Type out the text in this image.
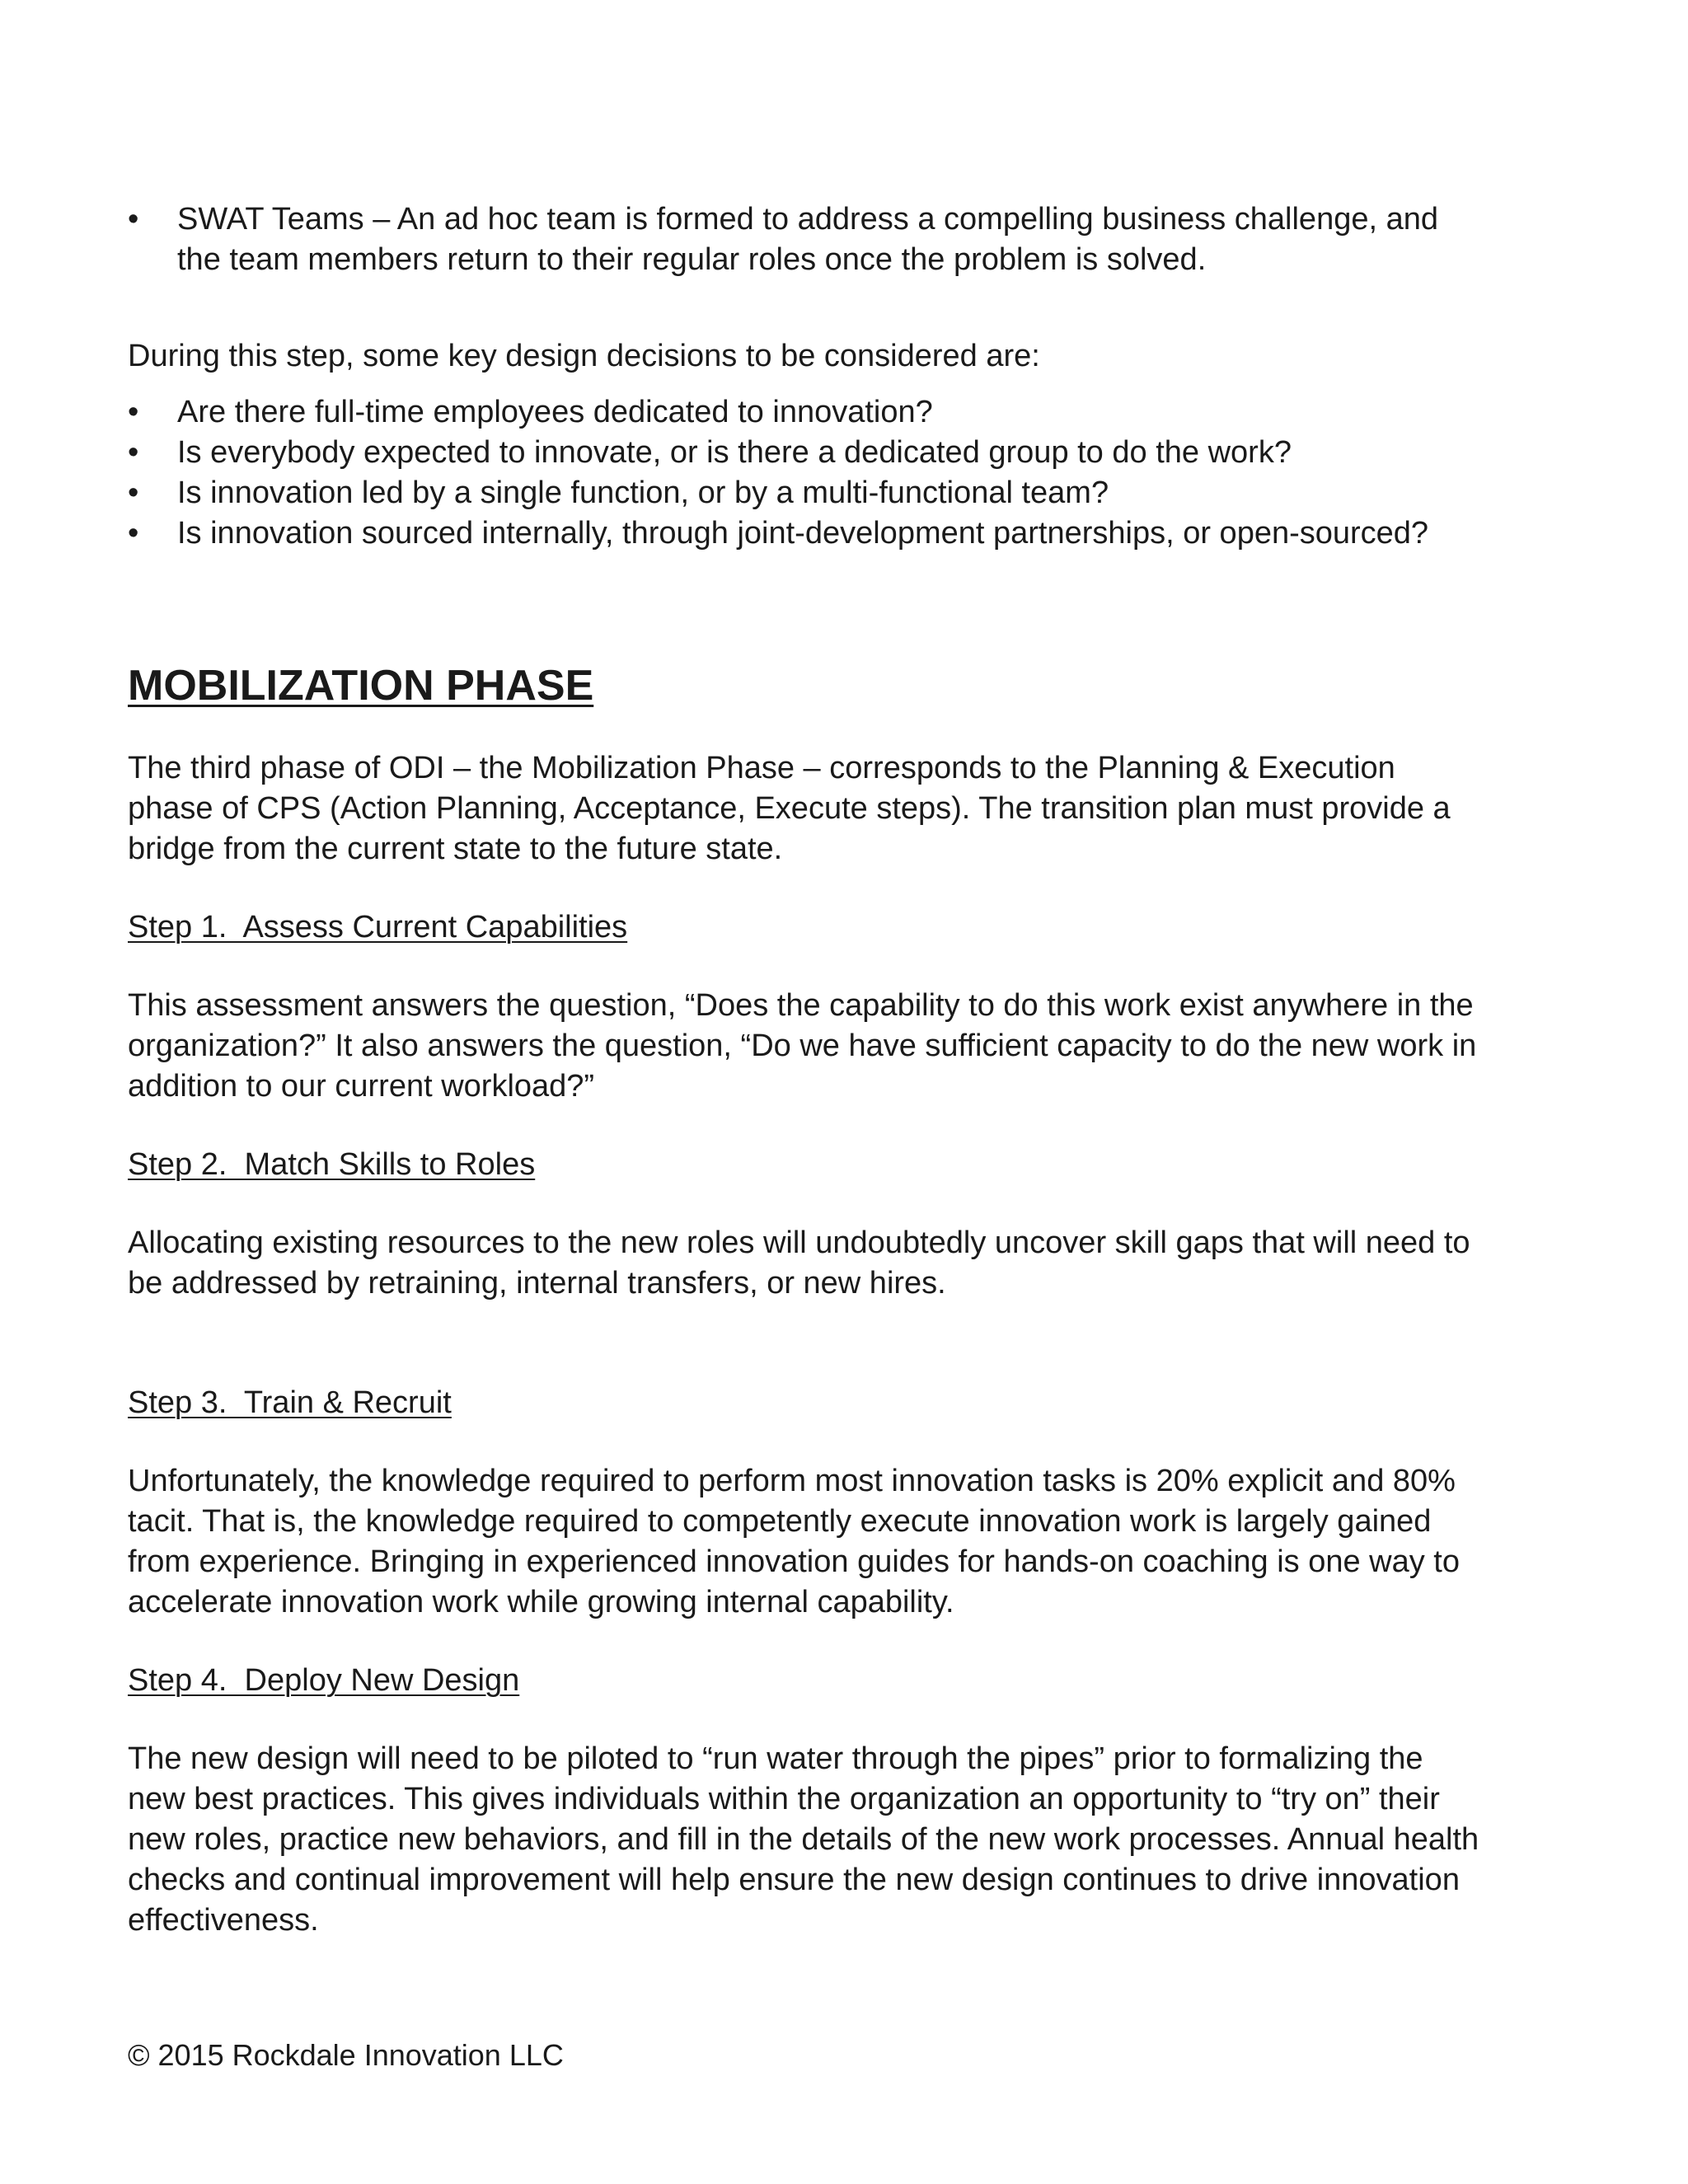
• SWAT Teams – An ad hoc team is formed to address a compelling business challenge, and
the team members return to their regular roles once the problem is solved.

During this step, some key design decisions to be considered are:

• Are there full-time employees dedicated to innovation?
• Is everybody expected to innovate, or is there a dedicated group to do the work?
• Is innovation led by a single function, or by a multi-functional team?
• Is innovation sourced internally, through joint-development partnerships, or open-sourced?
MOBILIZATION PHASE

The third phase of ODI – the Mobilization Phase – corresponds to the Planning & Execution
phase of CPS (Action Planning, Acceptance, Execute steps). The transition plan must provide a
bridge from the current state to the future state.

Step 1.  Assess Current Capabilities

This assessment answers the question, “Does the capability to do this work exist anywhere in the
organization?” It also answers the question, “Do we have sufficient capacity to do the new work in
addition to our current workload?”

Step 2.  Match Skills to Roles

Allocating existing resources to the new roles will undoubtedly uncover skill gaps that will need to
be addressed by retraining, internal transfers, or new hires.

Step 3.  Train & Recruit

Unfortunately, the knowledge required to perform most innovation tasks is 20% explicit and 80%
tacit. That is, the knowledge required to competently execute innovation work is largely gained
from experience. Bringing in experienced innovation guides for hands-on coaching is one way to
accelerate innovation work while growing internal capability.

Step 4.  Deploy New Design

The new design will need to be piloted to “run water through the pipes” prior to formalizing the
new best practices. This gives individuals within the organization an opportunity to “try on” their
new roles, practice new behaviors, and fill in the details of the new work processes. Annual health
checks and continual improvement will help ensure the new design continues to drive innovation
effectiveness.

© 2015 Rockdale Innovation LLC
